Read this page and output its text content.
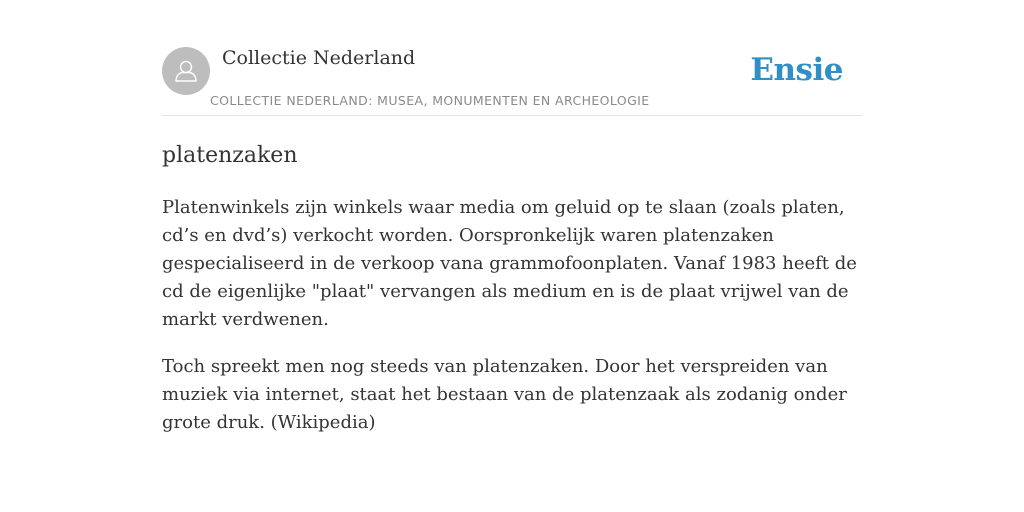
Collectie Nederland
COLLECTIE NEDERLAND: MUSEA, MONUMENTEN EN ARCHEOLOGIE
Ensie
platenzaken

Platenwinkels zijn winkels waar media om geluid op te slaan (zoals platen, cd’s en dvd’s) verkocht worden. Oorspronkelijk waren platenzaken gespecialiseerd in de verkoop vana grammofoonplaten. Vanaf 1983 heeft de cd de eigenlijke "plaat" vervangen als medium en is de plaat vrijwel van de markt verdwenen.

Toch spreekt men nog steeds van platenzaken. Door het verspreiden van muziek via internet, staat het bestaan van de platenzaak als zodanig onder grote druk. (Wikipedia)
